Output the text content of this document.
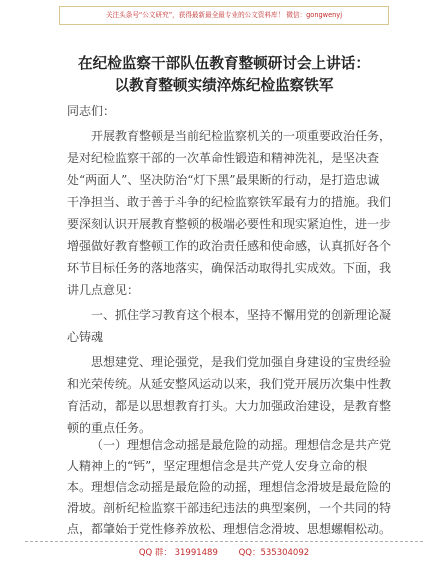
关注头条号“公文研究”，获得最新最全最专业的公文资料库！ 微信：gongwenyj
在纪检监察干部队伍教育整顿研讨会上讲话：
以教育整顿实绩淬炼纪检监察铁军
同志们：
开展教育整顿是当前纪检监察机关的一项重要政治任务，
是对纪检监察干部的一次革命性锻造和精神洗礼，是坚决查
处“两面人”、坚决防治“灯下黑”最果断的行动，是打造忠诚
干净担当、敢于善于斗争的纪检监察铁军最有力的措施。我们
要深刻认识开展教育整顿的极端必要性和现实紧迫性，进一步
增强做好教育整顿工作的政治责任感和使命感，认真抓好各个
环节目标任务的落地落实，确保活动取得扎实成效。下面，我
讲几点意见：
一、抓住学习教育这个根本，坚持不懈用党的创新理论凝
心铸魂
思想建党、理论强党，是我们党加强自身建设的宝贵经验
和光荣传统。从延安整风运动以来，我们党开展历次集中性教
育活动，都是以思想教育打头。大力加强政治建设，是教育整
顿的重点任务。
（一）理想信念动摇是最危险的动摇。理想信念是共产党
人精神上的“钙”，坚定理想信念是共产党人安身立命的根
本。理想信念动摇是最危险的动摇，理想信念滑坡是最危险的
滑坡。剖析纪检监察干部违纪违法的典型案例，一个共同的特
点，都肇始于党性修养放松、理想信念滑坡、思想螺帽松动。
QQ 群： 31991489 QQ：535304092
